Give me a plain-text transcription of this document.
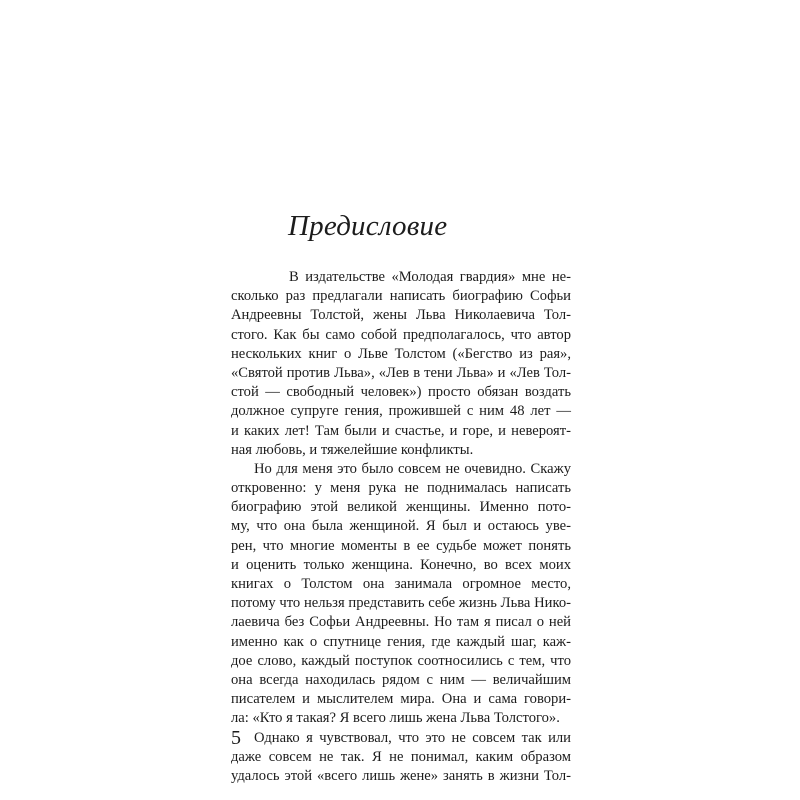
Предисловие
В издательстве «Молодая гвардия» мне не-
сколько раз предлагали написать биографию Софьи
Андреевны Толстой, жены Льва Николаевича Тол-
стого. Как бы само собой предполагалось, что автор
нескольких книг о Льве Толстом («Бегство из рая»,
«Святой против Льва», «Лев в тени Льва» и «Лев Тол-
стой — свободный человек») просто обязан воздать
должное супруге гения, прожившей с ним 48 лет —
и каких лет! Там были и счастье, и горе, и невероят-
ная любовь, и тяжелейшие конфликты.
Но для меня это было совсем не очевидно. Скажу
откровенно: у меня рука не поднималась написать
биографию этой великой женщины. Именно пото-
му, что она была женщиной. Я был и остаюсь уве-
рен, что многие моменты в ее судьбе может понять
и оценить только женщина. Конечно, во всех моих
книгах о Толстом она занимала огромное место,
потому что нельзя представить себе жизнь Льва Нико-
лаевича без Софьи Андреевны. Но там я писал о ней
именно как о спутнице гения, где каждый шаг, каж-
дое слово, каждый поступок соотносились с тем, что
она всегда находилась рядом с ним — величайшим
писателем и мыслителем мира. Она и сама говори-
ла: «Кто я такая? Я всего лишь жена Льва Толстого».
Однако я чувствовал, что это не совсем так или
даже совсем не так. Я не понимал, каким образом
удалось этой «всего лишь жене» занять в жизни Тол-
5
